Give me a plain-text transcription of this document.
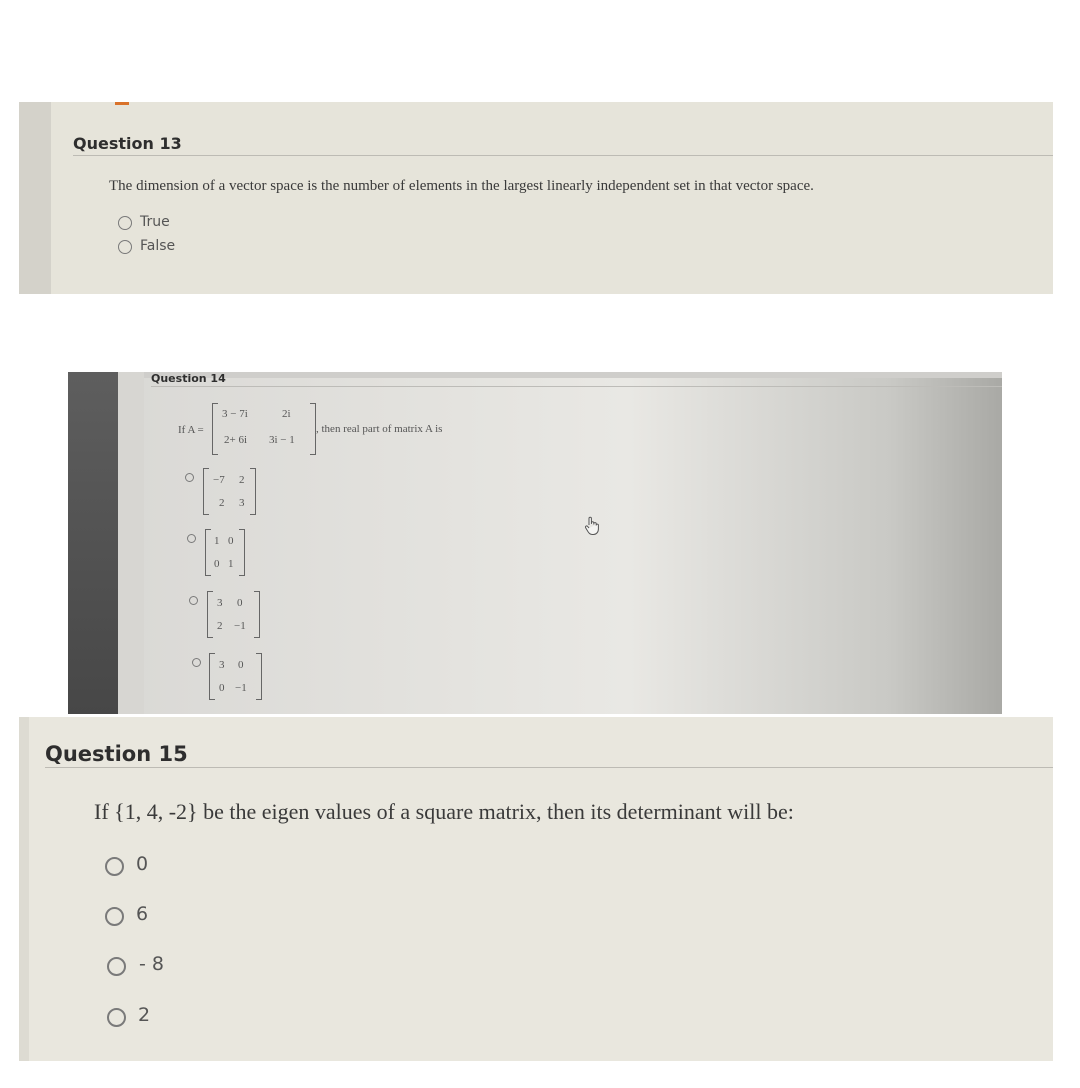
Question 13
The dimension of a vector space is the number of elements in the largest linearly independent set in that vector space.
True
False
Question 14
If A =
3 − 7i	2i
2+ 6i 3i − 1
, then real part of matrix A is
−7 2
2 3
1 0
0 1
3 0
2 −1
3 0
0 −1
Question 15
If {1, 4, -2} be the eigen values of a square matrix, then its determinant will be:
0
6
- 8
2
